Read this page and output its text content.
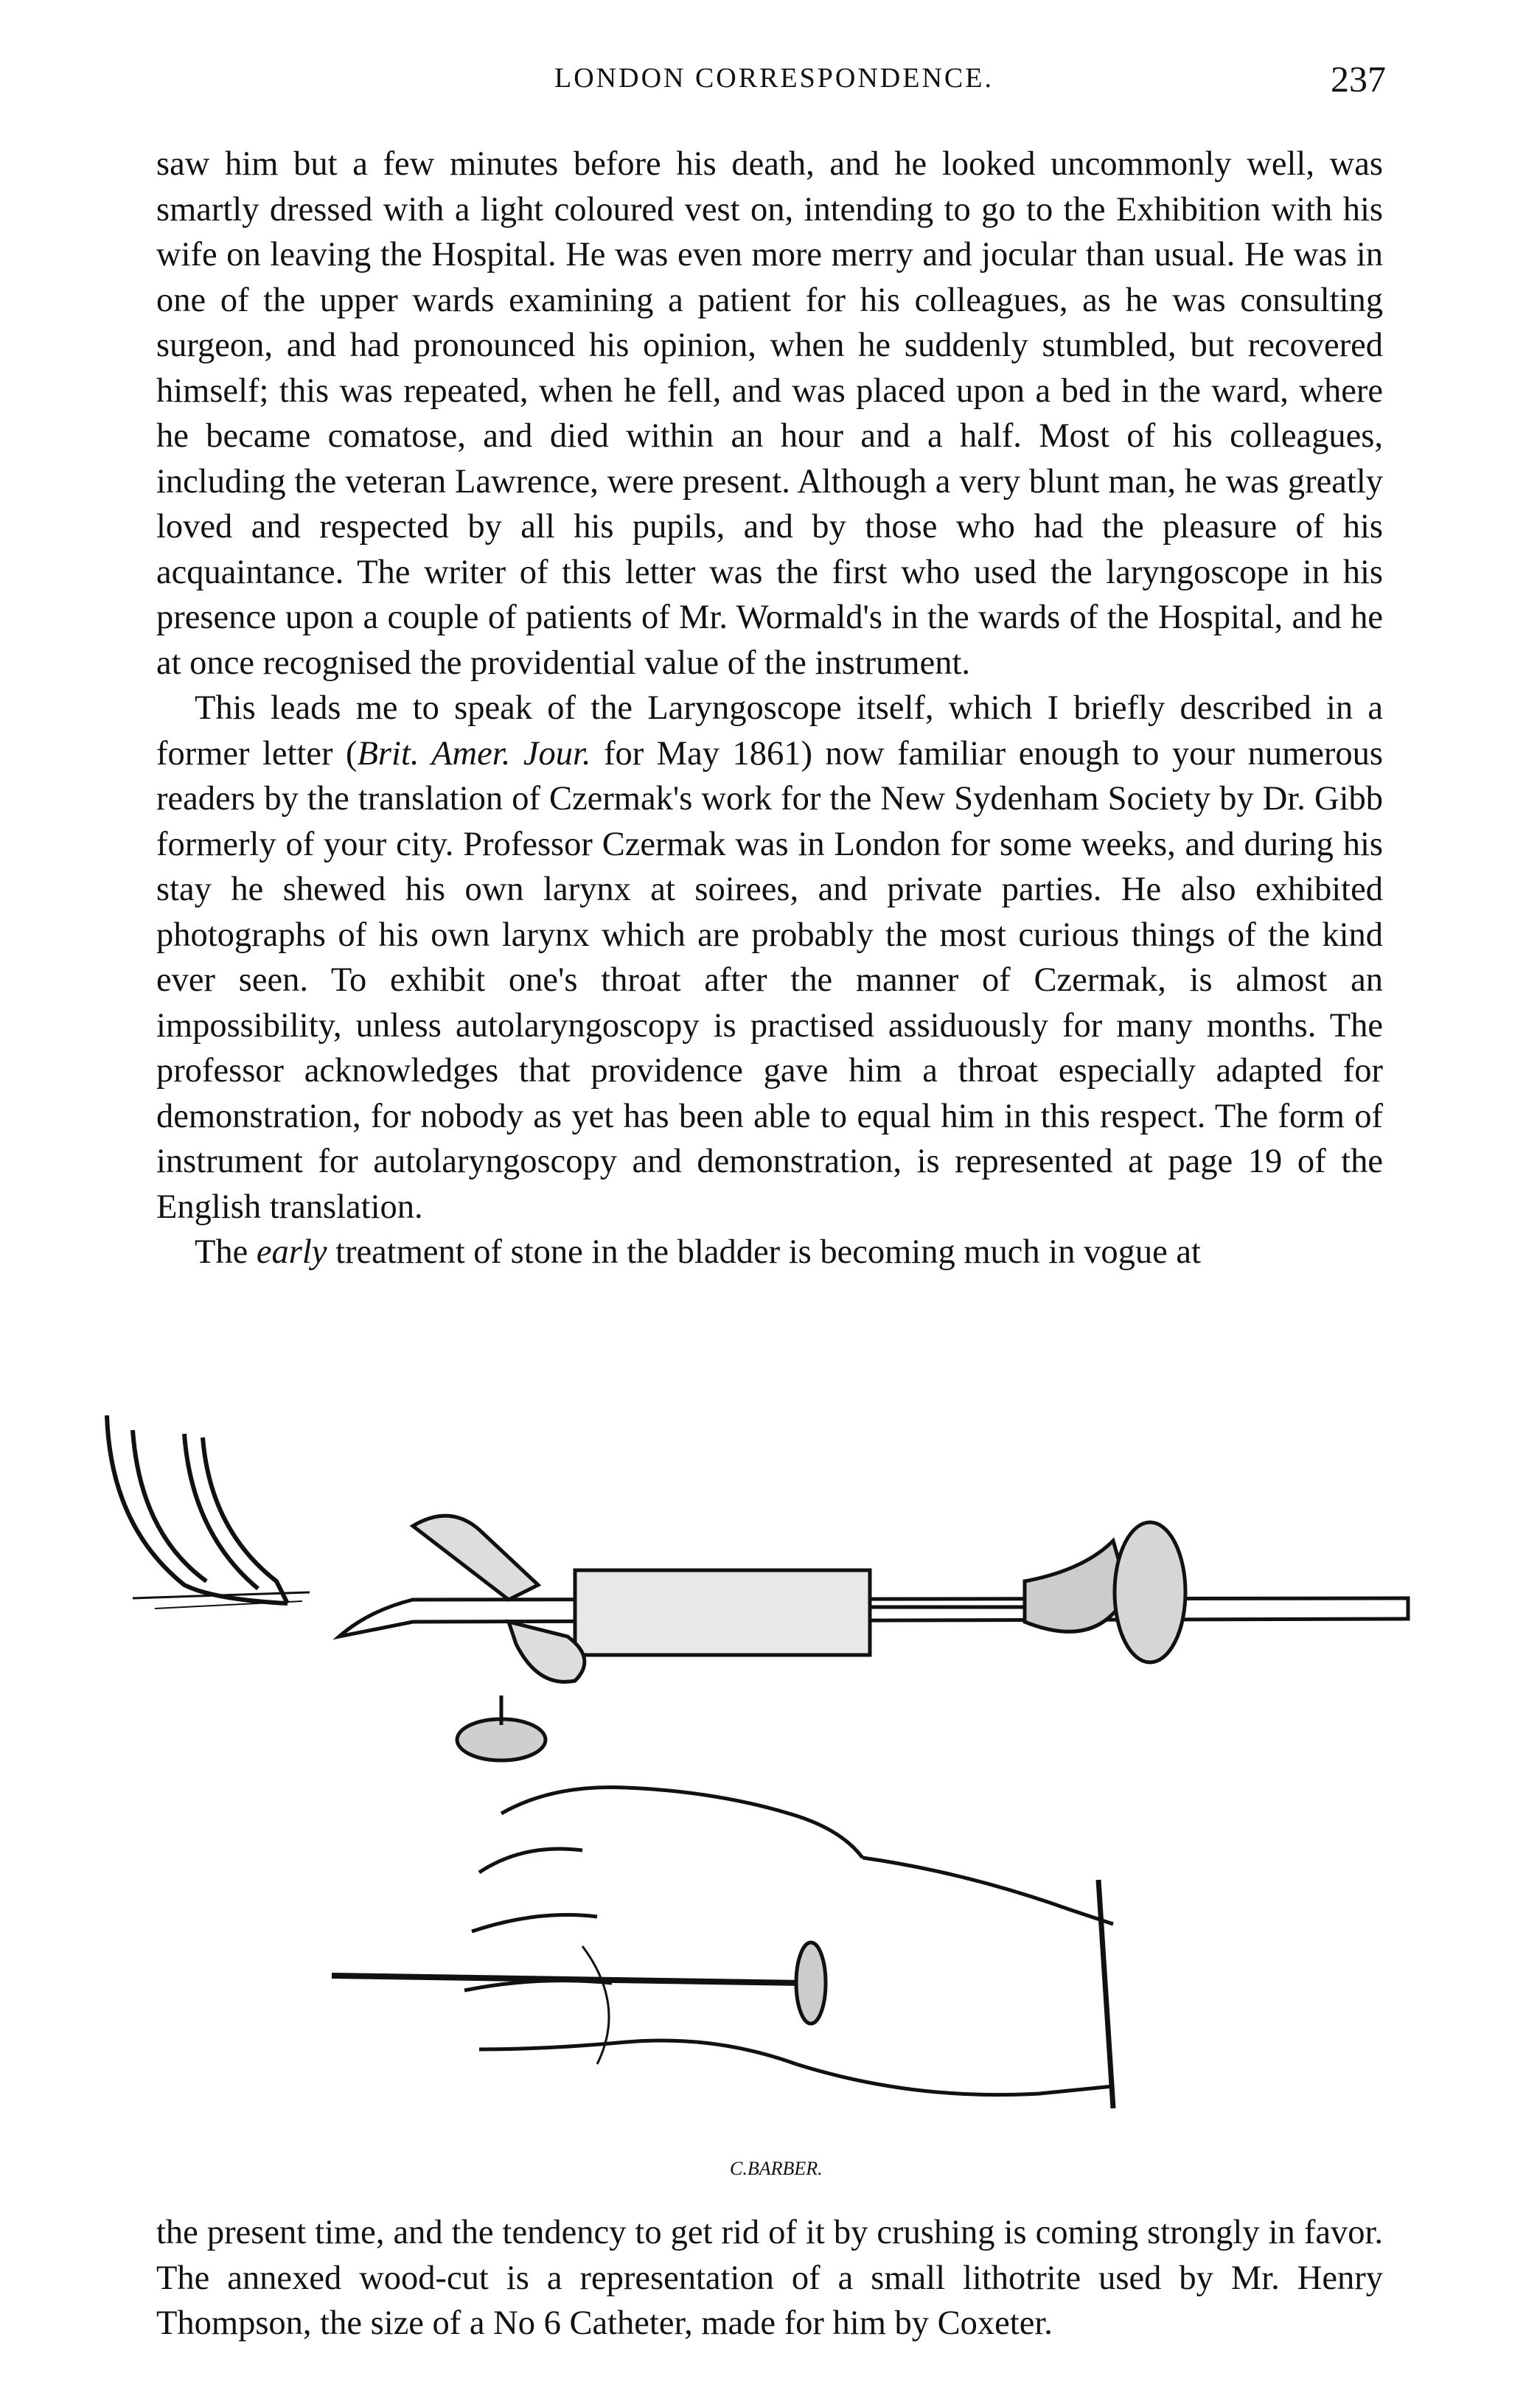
LONDON CORRESPONDENCE.	237

saw him but a few minutes before his death, and he looked uncommonly well, was smartly dressed with a light coloured vest on, intending to go to the Exhibition with his wife on leaving the Hospital. He was even more merry and jocular than usual. He was in one of the upper wards examining a patient for his colleagues, as he was consulting surgeon, and had pronounced his opinion, when he suddenly stumbled, but recovered himself; this was repeated, when he fell, and was placed upon a bed in the ward, where he became comatose, and died within an hour and a half. Most of his colleagues, including the veteran Lawrence, were present. Although a very blunt man, he was greatly loved and respected by all his pupils, and by those who had the pleasure of his acquaintance. The writer of this letter was the first who used the laryngoscope in his presence upon a couple of patients of Mr. Wormald's in the wards of the Hospital, and he at once recognised the providential value of the instrument.

This leads me to speak of the Laryngoscope itself, which I briefly described in a former letter (Brit. Amer. Jour. for May 1861) now familiar enough to your numerous readers by the translation of Czermak's work for the New Sydenham Society by Dr. Gibb formerly of your city. Professor Czermak was in London for some weeks, and during his stay he shewed his own larynx at soirees, and private parties. He also exhibited photographs of his own larynx which are probably the most curious things of the kind ever seen. To exhibit one's throat after the manner of Czermak, is almost an impossibility, unless autolaryngoscopy is practised assiduously for many months. The professor acknowledges that providence gave him a throat especially adapted for demonstration, for nobody as yet has been able to equal him in this respect. The form of instrument for autolaryngoscopy and demonstration, is represented at page 19 of the English translation.

The early treatment of stone in the bladder is becoming much in vogue at

C.BARBER.

the present time, and the tendency to get rid of it by crushing is coming strongly in favor. The annexed wood-cut is a representation of a small lithotrite used by Mr. Henry Thompson, the size of a No 6 Catheter, made for him by Coxeter.
